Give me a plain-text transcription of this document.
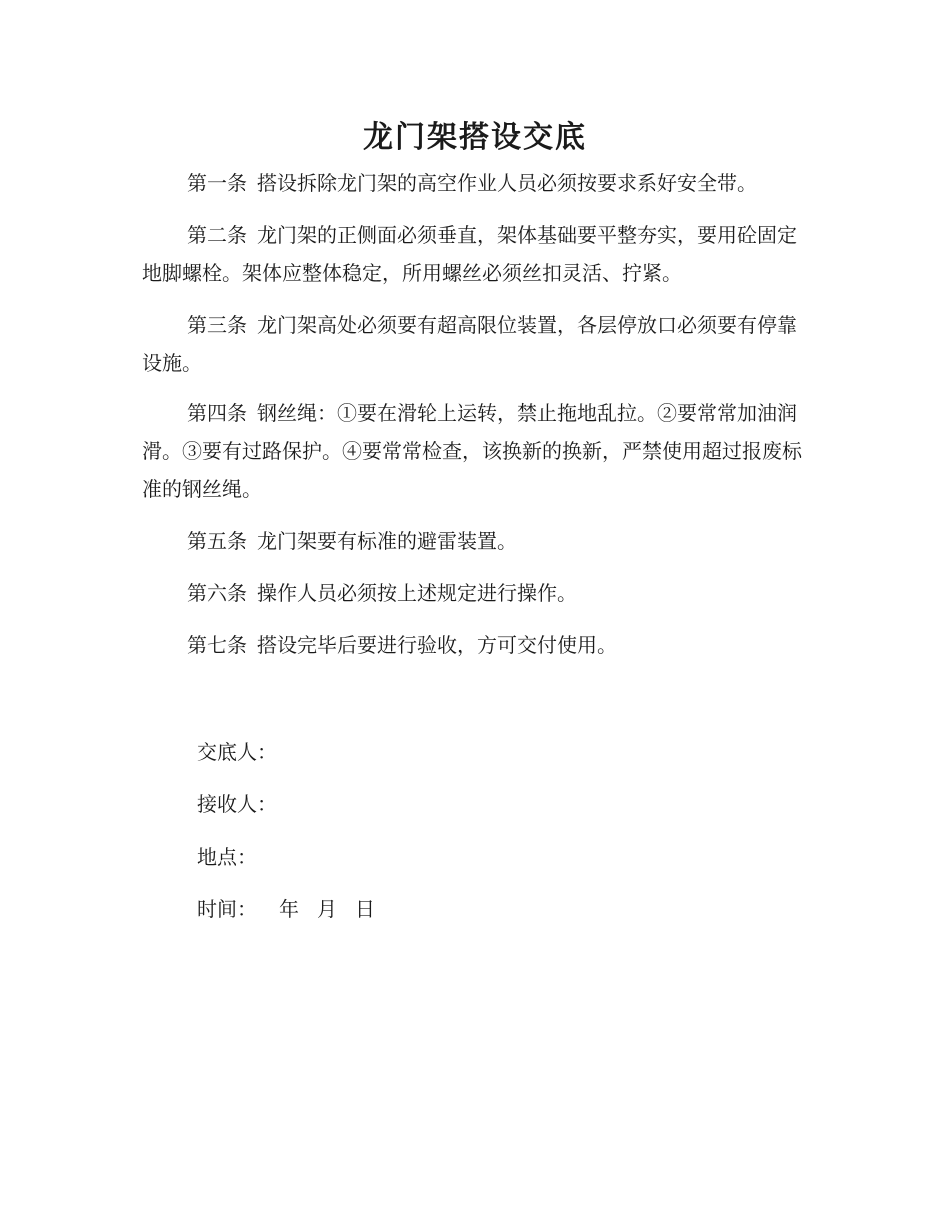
龙门架搭设交底

第一条 搭设拆除龙门架的高空作业人员必须按要求系好安全带。

第二条 龙门架的正侧面必须垂直，架体基础要平整夯实，要用砼固定地脚螺栓。架体应整体稳定，所用螺丝必须丝扣灵活、拧紧。

第三条 龙门架高处必须要有超高限位装置，各层停放口必须要有停靠设施。

第四条 钢丝绳：①要在滑轮上运转，禁止拖地乱拉。②要常常加油润滑。③要有过路保护。④要常常检查，该换新的换新，严禁使用超过报废标准的钢丝绳。

第五条 龙门架要有标准的避雷装置。

第六条 操作人员必须按上述规定进行操作。

第七条 搭设完毕后要进行验收，方可交付使用。

交底人：

接收人：

地点：

时间： 年 月 日
